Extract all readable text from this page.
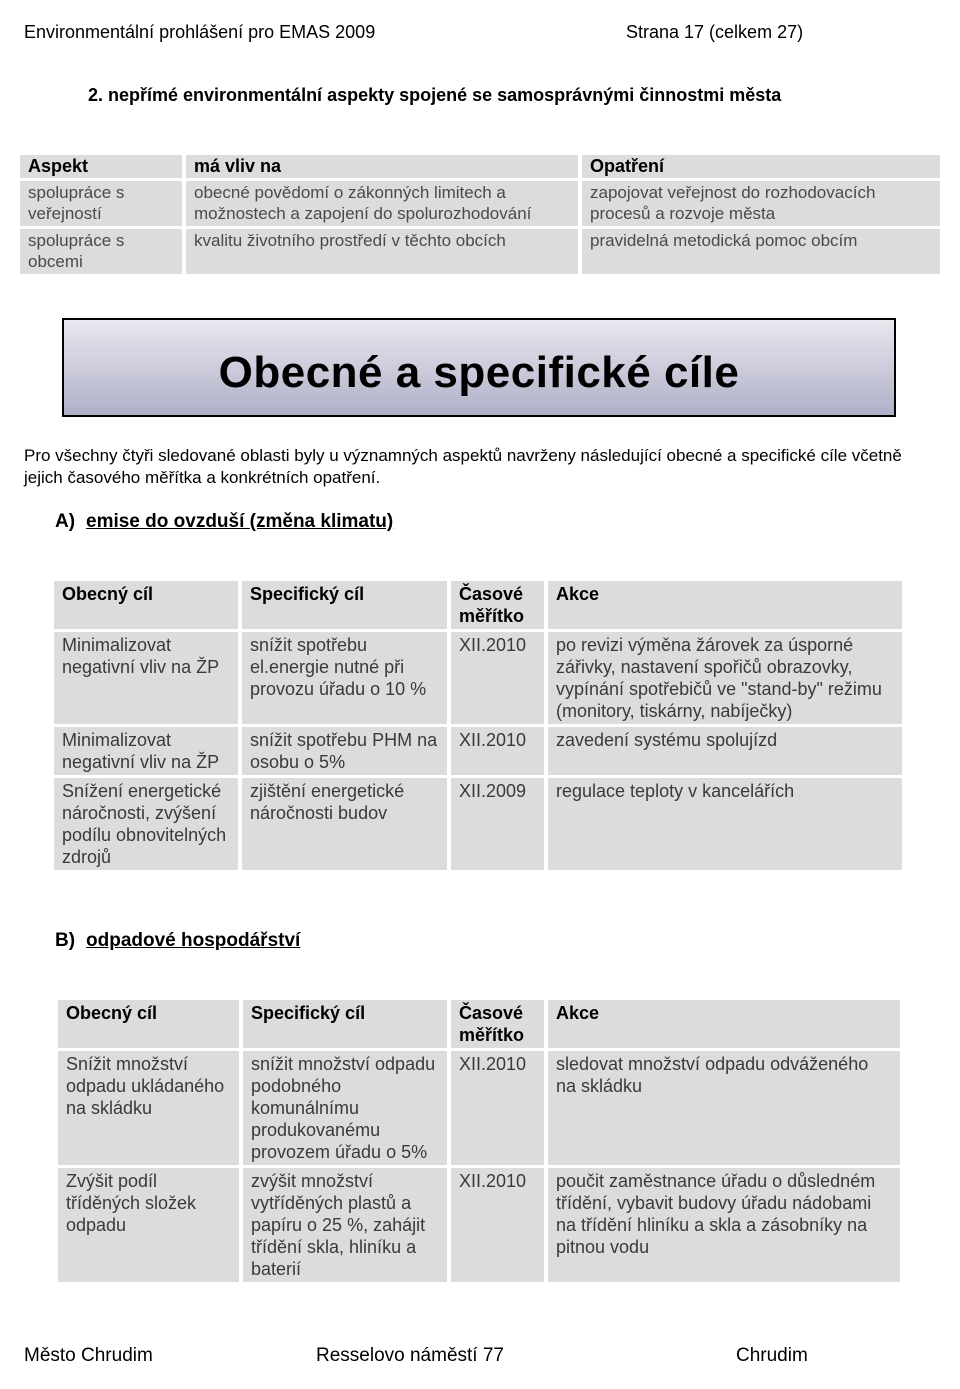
Environmentální prohlášení pro EMAS 2009	Strana 17 (celkem 27)
2. nepřímé environmentální aspekty spojené se samosprávnými činnostmi města
Aspekt	má vliv na	Opatření
spolupráce s veřejností	obecné povědomí o zákonných limitech a možnostech a zapojení do spolurozhodování	zapojovat veřejnost do rozhodovacích procesů a rozvoje města
spolupráce s obcemi	kvalitu životního prostředí v těchto obcích	pravidelná metodická pomoc obcím
Obecné a specifické cíle
Pro všechny čtyři sledované oblasti byly u významných aspektů navrženy následující obecné a specifické cíle včetně jejich časového měřítka a konkrétních opatření.
A) emise do ovzduší (změna klimatu)
Obecný cíl	Specifický cíl	Časové měřítko	Akce
Minimalizovat negativní vliv na ŽP	snížit spotřebu el.energie nutné při provozu úřadu o 10 %	XII.2010	po revizi výměna žárovek za úsporné zářivky, nastavení spořičů obrazovky, vypínání spotřebičů ve "stand-by" režimu (monitory, tiskárny, nabíječky)
Minimalizovat negativní vliv na ŽP	snížit spotřebu PHM na osobu o 5%	XII.2010	zavedení systému spolujízd
Snížení energetické náročnosti, zvýšení podílu obnovitelných zdrojů	zjištění energetické náročnosti budov	XII.2009	regulace teploty v kancelářích
B) odpadové hospodářství
Obecný cíl	Specifický cíl	Časové měřítko	Akce
Snížit množství odpadu ukládaného na skládku	snížit množství odpadu podobného komunálnímu produkovanému provozem úřadu o 5%	XII.2010	sledovat množství odpadu odváženého na skládku
Zvýšit podíl tříděných složek odpadu	zvýšit množství vytříděných plastů a papíru o 25 %, zahájit třídění skla, hliníku a baterií	XII.2010	poučit zaměstnance úřadu o důsledném třídění, vybavit budovy úřadu nádobami na třídění hliníku a skla a zásobníky na pitnou vodu
Město Chrudim	Resselovo náměstí 77	Chrudim
